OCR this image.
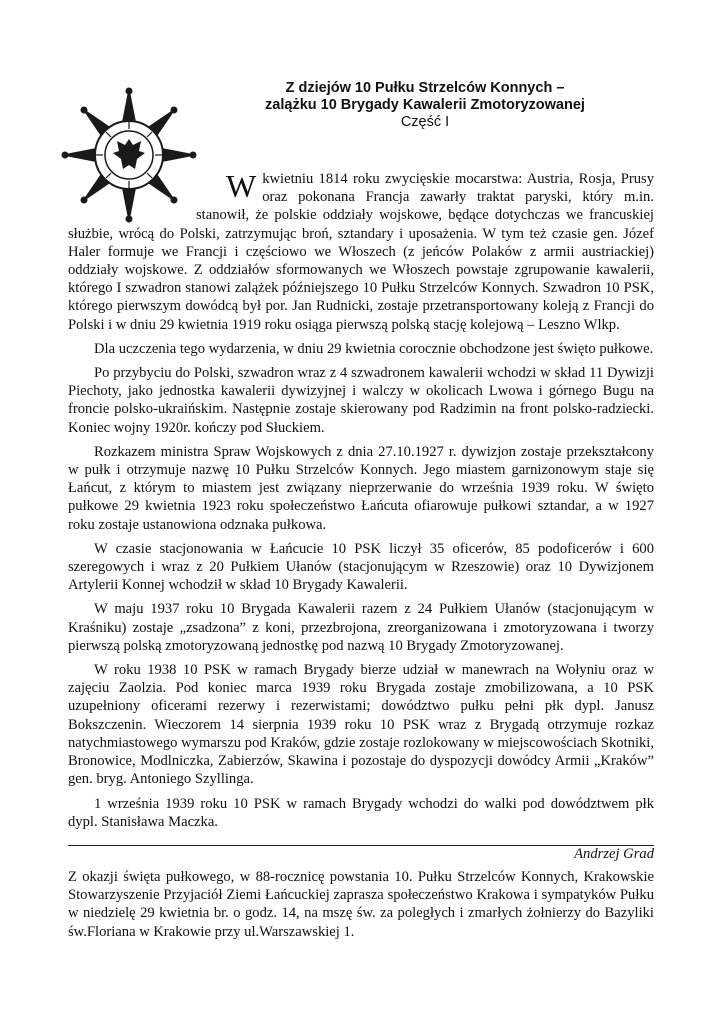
Z dziejów 10 Pułku Strzelców Konnych –
zalążku 10 Brygady Kawalerii Zmotoryzowanej
Część I

W kwietniu 1814 roku zwycięskie mocarstwa: Austria, Rosja, Prusy oraz pokonana Francja zawarły traktat paryski, który m.in. stanowił, że polskie oddziały wojskowe, będące dotychczas we francuskiej służbie, wrócą do Polski, zatrzymując broń, sztandary i uposażenia. W tym też czasie gen. Józef Haler formuje we Francji i częściowo we Włoszech (z jeńców Polaków z armii austriackiej) oddziały wojskowe. Z oddziałów sformowanych we Włoszech powstaje zgrupowanie kawalerii, którego I szwadron stanowi zalążek późniejszego 10 Pułku Strzelców Konnych. Szwadron 10 PSK, którego pierwszym dowódcą był por. Jan Rudnicki, zostaje przetransportowany koleją z Francji do Polski i w dniu 29 kwietnia 1919 roku osiąga pierwszą polską stację kolejową – Leszno Wlkp.

Dla uczczenia tego wydarzenia, w dniu 29 kwietnia corocznie obchodzone jest święto pułkowe.

Po przybyciu do Polski, szwadron wraz z 4 szwadronem kawalerii wchodzi w skład 11 Dywizji Piechoty, jako jednostka kawalerii dywizyjnej i walczy w okolicach Lwowa i górnego Bugu na froncie polsko-ukraińskim. Następnie zostaje skierowany pod Radzimin na front polsko-radziecki. Koniec wojny 1920r. kończy pod Słuckiem.

Rozkazem ministra Spraw Wojskowych z dnia 27.10.1927 r. dywizjon zostaje przekształcony w pułk i otrzymuje nazwę 10 Pułku Strzelców Konnych. Jego miastem garnizonowym staje się Łańcut, z którym to miastem jest związany nieprzerwanie do września 1939 roku. W święto pułkowe 29 kwietnia 1923 roku społeczeństwo Łańcuta ofiarowuje pułkowi sztandar, a w 1927 roku zostaje ustanowiona odznaka pułkowa.

W czasie stacjonowania w Łańcucie 10 PSK liczył 35 oficerów, 85 podoficerów i 600 szeregowych i wraz z 20 Pułkiem Ułanów (stacjonującym w Rzeszowie) oraz 10 Dywizjonem Artylerii Konnej wchodził w skład 10 Brygady Kawalerii.

W maju 1937 roku 10 Brygada Kawalerii razem z 24 Pułkiem Ułanów (stacjonującym w Kraśniku) zostaje „zsadzona” z koni, przezbrojona, zreorganizowana i zmotoryzowana i tworzy pierwszą polską zmotoryzowaną jednostkę pod nazwą 10 Brygady Zmotoryzowanej.

W roku 1938 10 PSK w ramach Brygady bierze udział w manewrach na Wołyniu oraz w zajęciu Zaolzia. Pod koniec marca 1939 roku Brygada zostaje zmobilizowana, a 10 PSK uzupełniony oficerami rezerwy i rezerwistami; dowództwo pułku pełni płk dypl. Janusz Bokszczenin. Wieczorem 14 sierpnia 1939 roku 10 PSK wraz z Brygadą otrzymuje rozkaz natychmiastowego wymarszu pod Kraków, gdzie zostaje rozlokowany w miejscowościach Skotniki, Bronowice, Modlniczka, Zabierzów, Skawina i pozostaje do dyspozycji dowódcy Armii „Kraków” gen. bryg. Antoniego Szyllinga.

1 września 1939 roku 10 PSK w ramach Brygady wchodzi do walki pod dowództwem płk dypl. Stanisława Maczka.

Andrzej Grad

Z okazji święta pułkowego, w 88-rocznicę powstania 10. Pułku Strzelców Konnych, Krakowskie Stowarzyszenie Przyjaciół Ziemi Łańcuckiej zaprasza społeczeństwo Krakowa i sympatyków Pułku w niedzielę 29 kwietnia br. o godz. 14, na mszę św. za poległych i zmarłych żołnierzy do Bazyliki św.Floriana w Krakowie przy ul.Warszawskiej 1.
